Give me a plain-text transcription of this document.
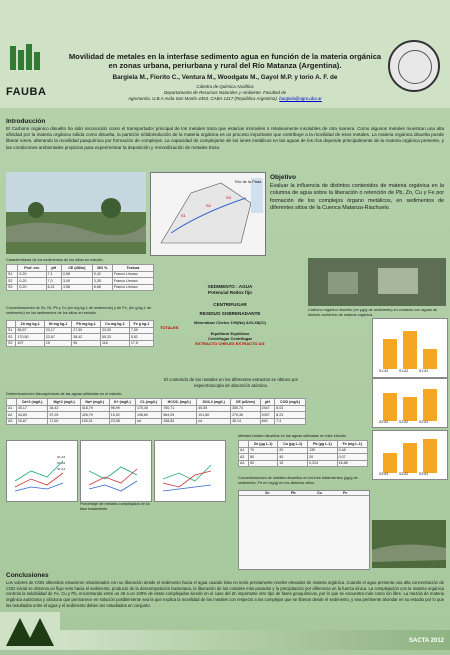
FAUBA
Movilidad de metales en la interfase sedimento agua en función de la materia orgánica
en zonas urbana, periurbana y rural del Río Matanza (Argentina).
Bargiela M., Fiorito C., Ventura M., Woodgate M., Gayol M.P. y Iorio A. F. de
Cátedra de Química Analítica
Departamento de Recursos Naturales y Ambiente. Facultad de
Agronomía. U.B.A Avda San Martín 4453. CABA 1417 (República Argentina). bargiela@agro.uba.ar
Introducción
El Carbono orgánico disuelto ha sido reconocido como el transportador principal de los metales traza que estarían inmóviles o relativamente insolubles de otra manera. Como algunos metales muestran una alta afinidad por la materia orgánica sólida como disuelta, la partición sólido/solución de la materia orgánica es un proceso importante que contribuye a la movilidad de esos metales. La materia orgánica disuelta puede liberar iones, alterando la movilidad pasquímica por formación de complejos. La capacidad de complejarse de los iones metálicos en las aguas de los ríos depende principalmente de la materia orgánica presente, y las condiciones ambientales propicias para experimentar la deposición y removilización de metales traza.
Río de la Plata
S1
S2
S3
Objetivo
Evaluar la influencia de distintos contenidos de materia orgánica en la columna de agua sobre la liberación o retención de Pb, Zn, Cu y Fe por formación de los complejos órgano metálicos, en sedimentos de diferentes sitios de la Cuenca Matanza-Riachuelo.
Características de los sedimentos de los sitios en estudio.
	Prof. cm.	pH	CE (dS/m)	MO %	Textura
S1	0-20	7,1	0,58	0,42	Franco Limoso
S2	0-20	7,0	3,09	3,35	Franco Limoso
S3	0-20	6,21	3,58	6,66	Franco Limoso
Concentraciones de Zn, Ni, Pb y Cu (en mg kg-1 de sedimento) y de Fe, (en g kg-1 de sedimento) en los sedimentos de los sitios en estudio.
	Zn mg kg-1	Ni mg kg-1	Pb mg kg-1	Cu mg kg-1	Fe g kg-1
S1	85,67	23,17	27,50	33,00	7,59
S2	170,50	22,67	38,42	55,33	5,51
S3	407	15	95	118	17,5
SEDIMENTO : AGUA
Potencial Redox fijo
CENTRIFUGAR
RESIDUO SOBRENADANTE
Mineralizar Chelex 100(Na) AGI-X8(Cl)
TOTALES
Equilibrar Equilibrar
Centrifugar Centrifugar
EXTRACTO CHELEX EXTRACTO AG
El contenido de los metales en los diferentes extractos se obtuvo por espectroscopía de absorción atómica.
Carbono orgánico disuelto (en μg/g de sedimento) en contacto con aguas de distinto contenido de materia orgánica.
S1:A3	S1:A2	S1:A1
S2:A3	S2:A2	S2:A1
S3:A3	S3:A2	S3:A1
Determinaciones fisicoquímicas de las aguas utilizadas en el estudio
	Ca+2 (mg/L)	Mg+2 (mg/L)	Na+ (mg/L)	K+ (mg/L)	Cl- (mg/L)	HCO3- (mg/L)	SO4-2 (mg/L)	CE (uS/cm)	pH	COD (mg/L)
A1	40,17	34,42	418,79	96,99	170,40	750,71	45,55	350,74	2447	8,03
A2	44,83	57,25	426,79	15,52	198,80	664,09	101,80	275,36	2057	8,23
A3	16,67	17,60	183,01	23,38	nd	338,83	nd	45,14	840	7,4
Metales totales disueltos en las aguas utilizadas en este estudio.
	Zn (μg L-1)	Cu (μg L-1)	Pb (μg L-1)	Fe (mg L-1)
A1	70	20	130	0,48
A2	80	40	20	0,07
A3	50	15	0,224	16,88
S1:A3
S1:A2
S1:A1
Porcentaje de metales complejados en la fase tratamiento
Concentraciones de metales disueltos en los tres tratamientos (μg/g de sedimento; Fe en mg/g) en los distintos sitios.
Zn	Pb	Cu	Fe
Conclusiones
Los valores de COD obtenidos estuvieron relacionados con su liberación desde el sedimento hacia el agua cuando ésta no tenía previamente niveles elevados de materia orgánica. Cuando el agua presenta una alta concentración de COD inicial se observa un flujo neto hacia el sedimento, producto de la descomposición bacteriana, la liberación de los coloides más pesados y la precipitación por diferencia en la fuerza iónica. La complejación con la materia orgánica controla la solubilidad de Fe, Cu y Pb, encontrando entre un 40 a un 100% de estos complejados siendo en el caso del Zn importante otro tipo de fases geoquímicas, por lo que se encuentra más como ion libre. La mezcla de materia orgánica autóctona y alóctona que permanece en solución posiblemente sea la que explica la movilidad de los metales con respecto a los complejos que se liberan desde el sedimento, y sea pertinente ahondar en su estudio por lo que los resultados entre el agua y el sedimento deben ser estudiados en conjunto.
SACTA 2012
